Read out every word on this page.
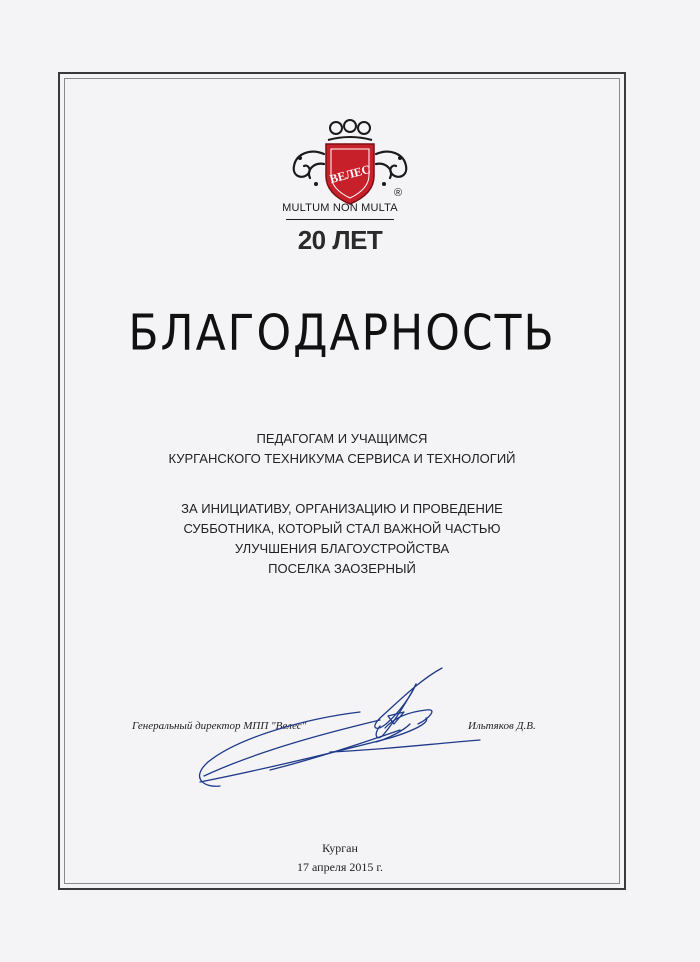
ВЕЛЕС
®
MULTUM NON MULTA
20 ЛЕТ
БЛАГОДАРНОСТЬ
ПЕДАГОГАМ И УЧАЩИМСЯ
КУРГАНСКОГО ТЕХНИКУМА СЕРВИСА И ТЕХНОЛОГИЙ
ЗА ИНИЦИАТИВУ, ОРГАНИЗАЦИЮ И ПРОВЕДЕНИЕ
СУББОТНИКА, КОТОРЫЙ СТАЛ ВАЖНОЙ ЧАСТЬЮ
УЛУЧШЕНИЯ БЛАГОУСТРОЙСТВА
ПОСЕЛКА ЗАОЗЕРНЫЙ
Генеральный директор МПП "Велес"	Ильтяков Д.В.
Курган
17 апреля 2015 г.
